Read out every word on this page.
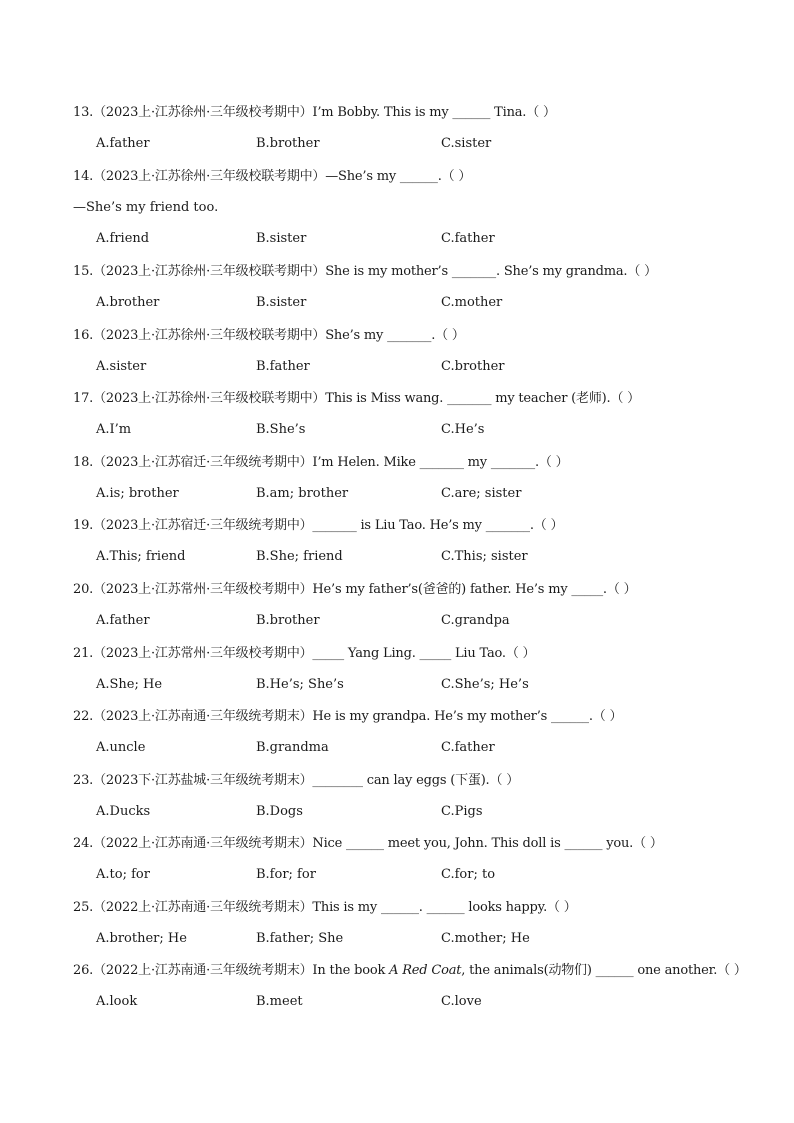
13.（2023上·江苏徐州·三年级校考期中）I’m Bobby. This is my ______ Tina.（ ）
A.father	B.brother	C.sister
14.（2023上·江苏徐州·三年级校联考期中）—She’s my ______.（ ）
—She’s my friend too.
A.friend	B.sister	C.father
15.（2023上·江苏徐州·三年级校联考期中）She is my mother’s _______. She’s my grandma.（ ）
A.brother	B.sister	C.mother
16.（2023上·江苏徐州·三年级校联考期中）She’s my _______.（ ）
A.sister	B.father	C.brother
17.（2023上·江苏徐州·三年级校联考期中）This is Miss wang. _______ my teacher (老师).（ ）
A.I’m	B.She’s	C.He’s
18.（2023上·江苏宿迁·三年级统考期中）I’m Helen. Mike _______ my _______.（ ）
A.is; brother	B.am; brother	C.are; sister
19.（2023上·江苏宿迁·三年级统考期中）_______ is Liu Tao. He’s my _______.（ ）
A.This; friend	B.She; friend	C.This; sister
20.（2023上·江苏常州·三年级校考期中）He’s my father’s(爸爸的) father. He’s my _____.（ ）
A.father	B.brother	C.grandpa
21.（2023上·江苏常州·三年级校考期中）_____ Yang Ling. _____ Liu Tao.（ ）
A.She; He	B.He’s; She’s	C.She’s; He’s
22.（2023上·江苏南通·三年级统考期末）He is my grandpa. He’s my mother’s ______.（ ）
A.uncle	B.grandma	C.father
23.（2023下·江苏盐城·三年级统考期末）________ can lay eggs (下蛋).（ ）
A.Ducks	B.Dogs	C.Pigs
24.（2022上·江苏南通·三年级统考期末）Nice ______ meet you, John. This doll is ______ you.（ ）
A.to; for	B.for; for	C.for; to
25.（2022上·江苏南通·三年级统考期末）This is my ______. ______ looks happy.（ ）
A.brother; He	B.father; She	C.mother; He
26.（2022上·江苏南通·三年级统考期末）In the book A Red Coat, the animals(动物们) ______ one another.（ ）
A.look	B.meet	C.love
